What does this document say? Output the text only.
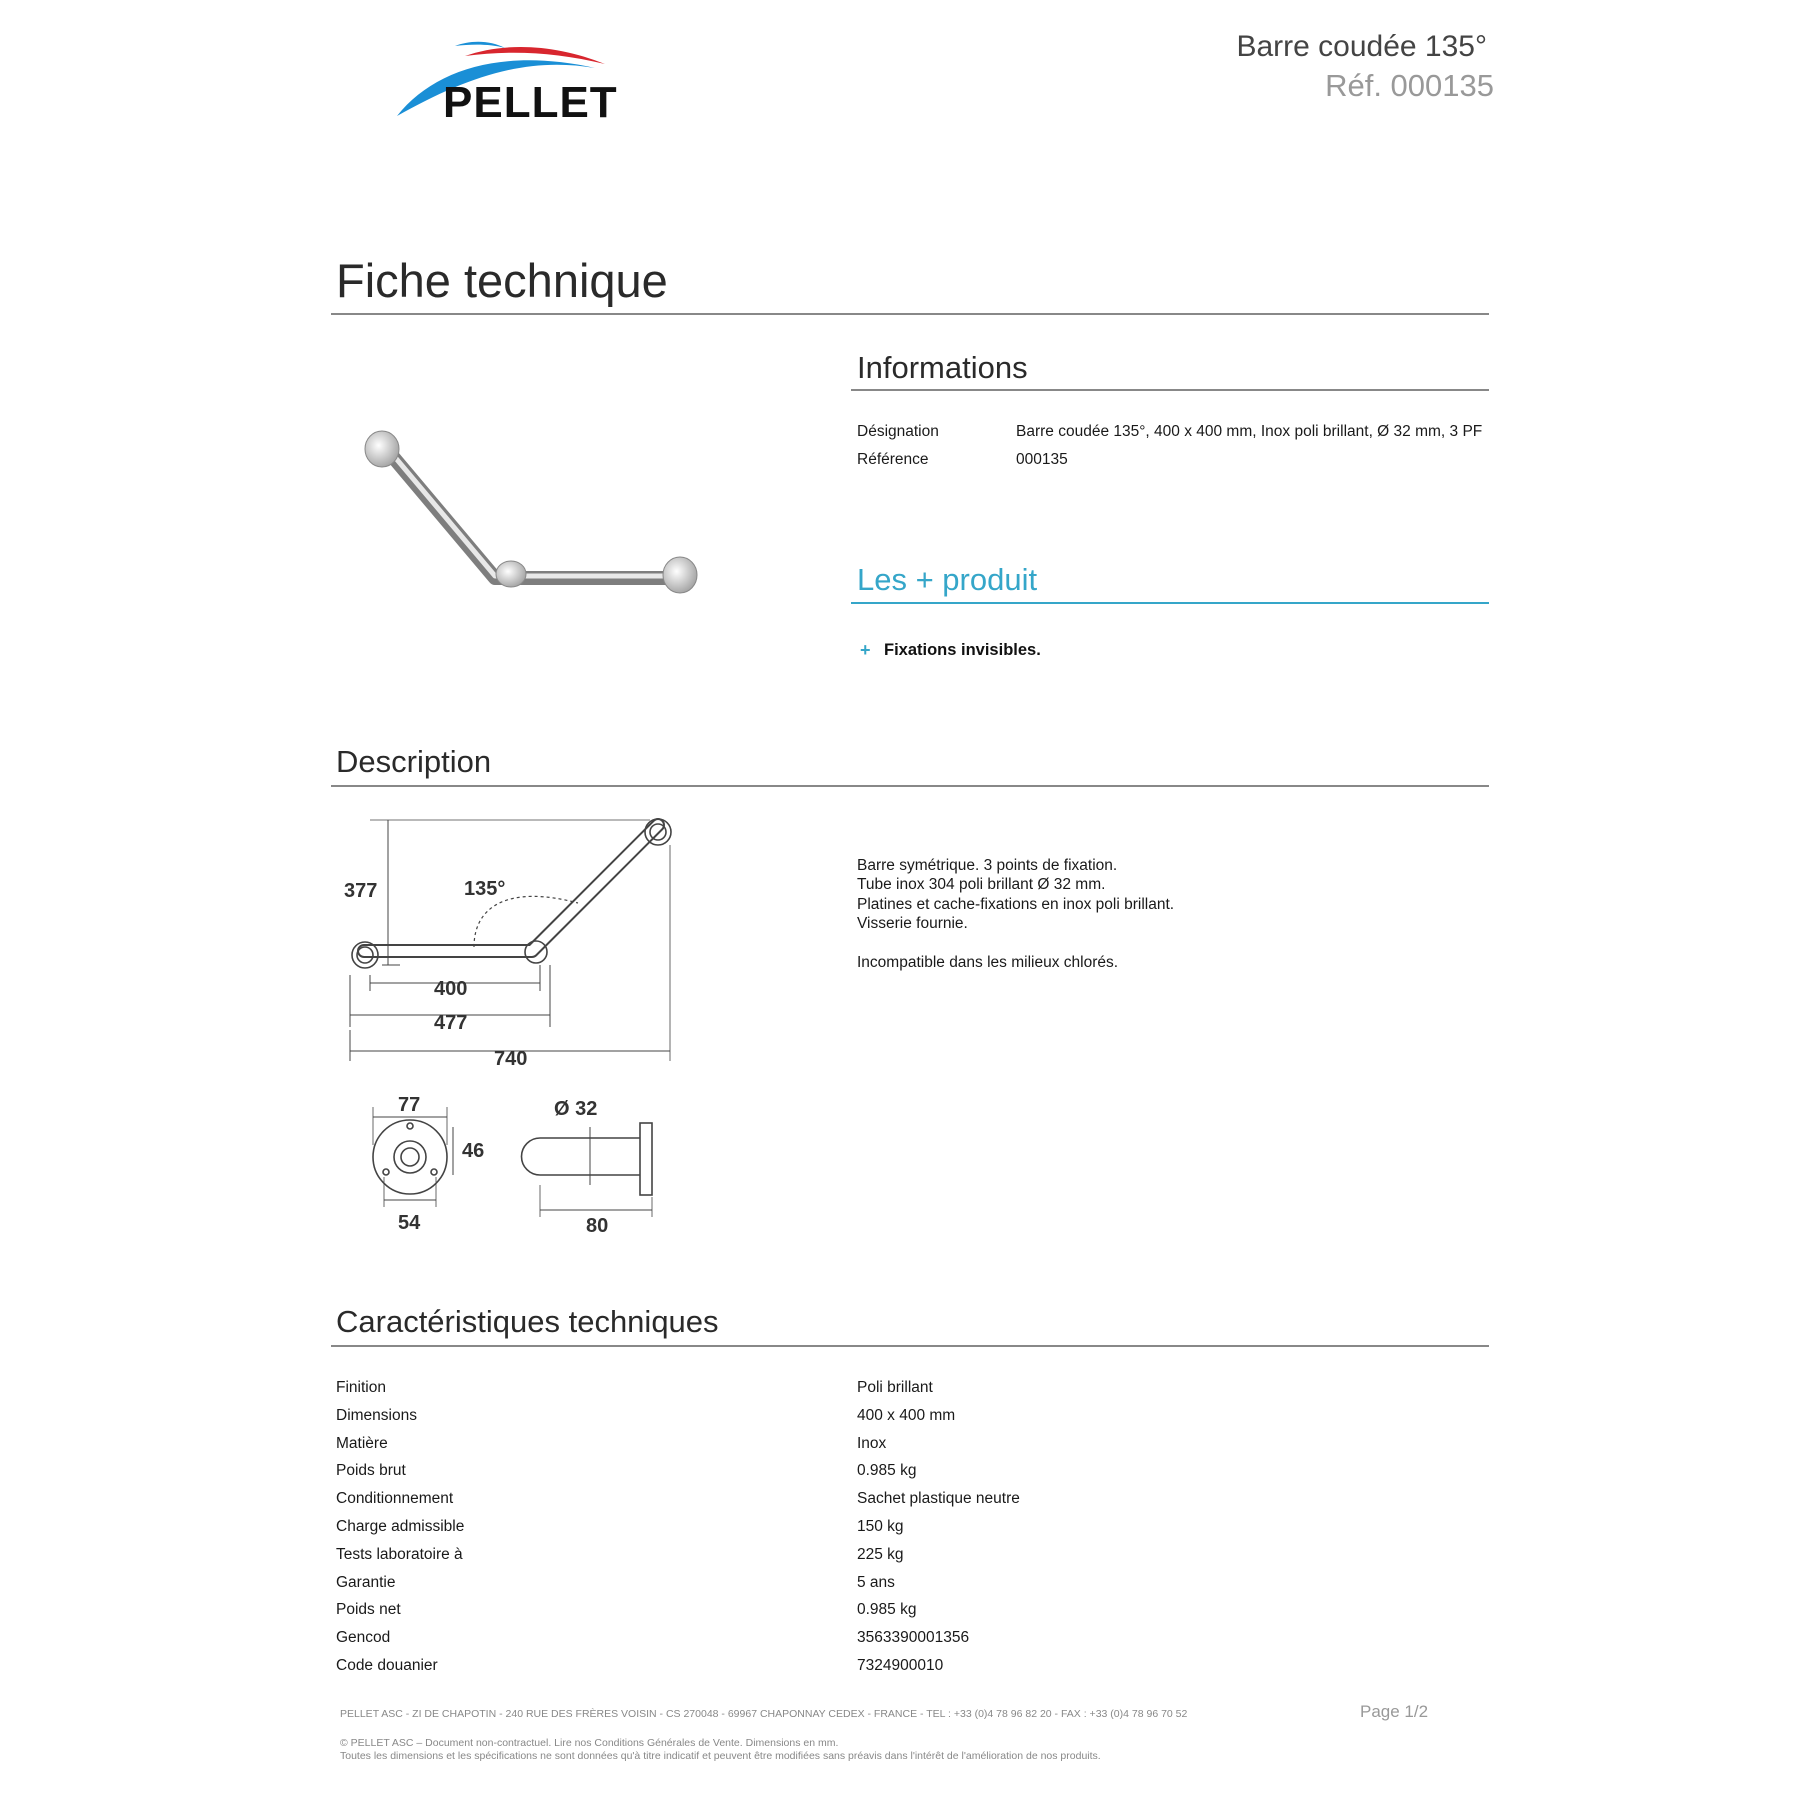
PELLET
Barre coudée 135°
Réf. 000135
Fiche technique
Informations
Désignation	Barre coudée 135°, 400 x 400 mm, Inox poli brillant, Ø 32 mm, 3 PF
Référence	000135
Les + produit
+ Fixations invisibles.
Description
377	135°
400
477
740
77
46
54
Ø 32
80
Barre symétrique. 3 points de fixation.
Tube inox 304 poli brillant Ø 32 mm.
Platines et cache-fixations en inox poli brillant.
Visserie fournie.
Incompatible dans les milieux chlorés.
Caractéristiques techniques
Finition	Poli brillant
Dimensions	400 x 400 mm
Matière	Inox
Poids brut	0.985 kg
Conditionnement	Sachet plastique neutre
Charge admissible	150 kg
Tests laboratoire à	225 kg
Garantie	5 ans
Poids net	0.985 kg
Gencod	3563390001356
Code douanier	7324900010
PELLET ASC - ZI DE CHAPOTIN - 240 RUE DES FRÈRES VOISIN - CS 270048 - 69967 CHAPONNAY CEDEX - FRANCE - TEL : +33 (0)4 78 96 82 20 - FAX : +33 (0)4 78 96 70 52	Page 1/2
© PELLET ASC – Document non-contractuel. Lire nos Conditions Générales de Vente. Dimensions en mm.
Toutes les dimensions et les spécifications ne sont données qu'à titre indicatif et peuvent être modifiées sans préavis dans l'intérêt de l'amélioration de nos produits.
